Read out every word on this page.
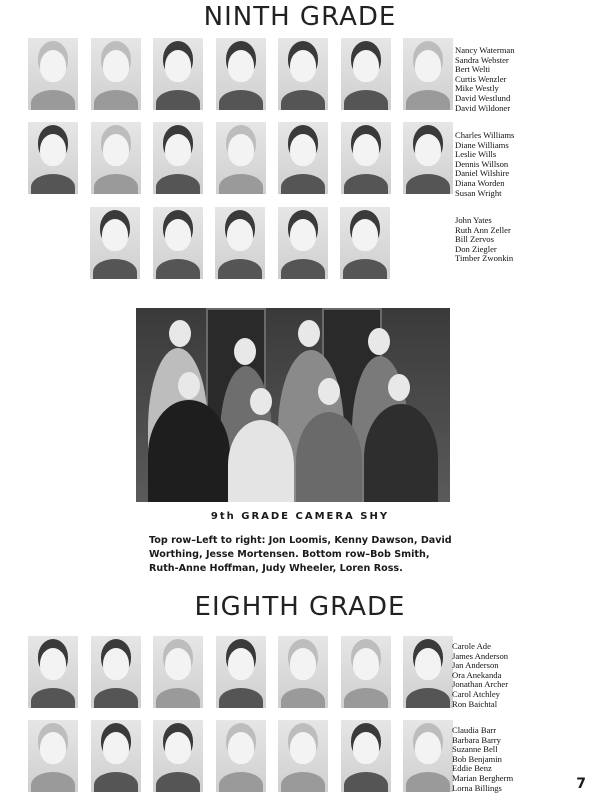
NINTH GRADE
Nancy Waterman
Sandra Webster
Bert Welti
Curtis Wenzler
Mike Westly
David Westlund
David Wildoner
Charles Williams
Diane Williams
Leslie Wills
Dennis Willson
Daniel Wilshire
Diana Worden
Susan Wright
John Yates
Ruth Ann Zeller
Bill Zervos
Don Ziegler
Timber Zwonkin
9th GRADE CAMERA SHY
Top row–Left to right: Jon Loomis, Kenny Dawson, David Worthing, Jesse Mortensen. Bottom row–Bob Smith, Ruth-Anne Hoffman, Judy Wheeler, Loren Ross.
EIGHTH GRADE
Carole Ade
James Anderson
Jan Anderson
Ora Anekanda
Jonathan Archer
Carol Atchley
Ron Baichtal
Claudia Barr
Barbara Barry
Suzanne Bell
Bob Benjamin
Eddie Benz
Marian Bergherm
Lorna Billings	7
